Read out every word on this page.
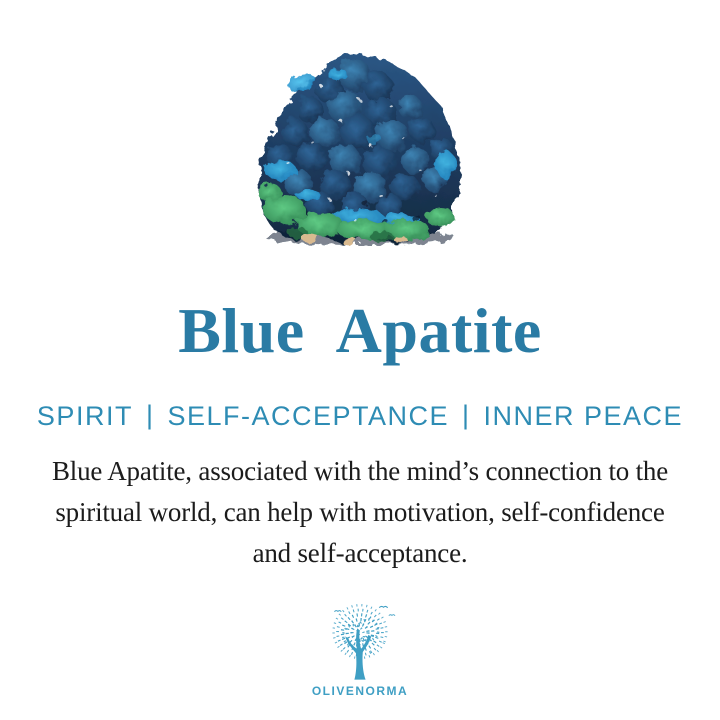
Blue Apatite
SPIRIT | SELF-ACCEPTANCE | INNER PEACE
Blue Apatite, associated with the mind’s connection to the
spiritual world, can help with motivation, self-confidence
and self-acceptance.
OLIVENORMA
